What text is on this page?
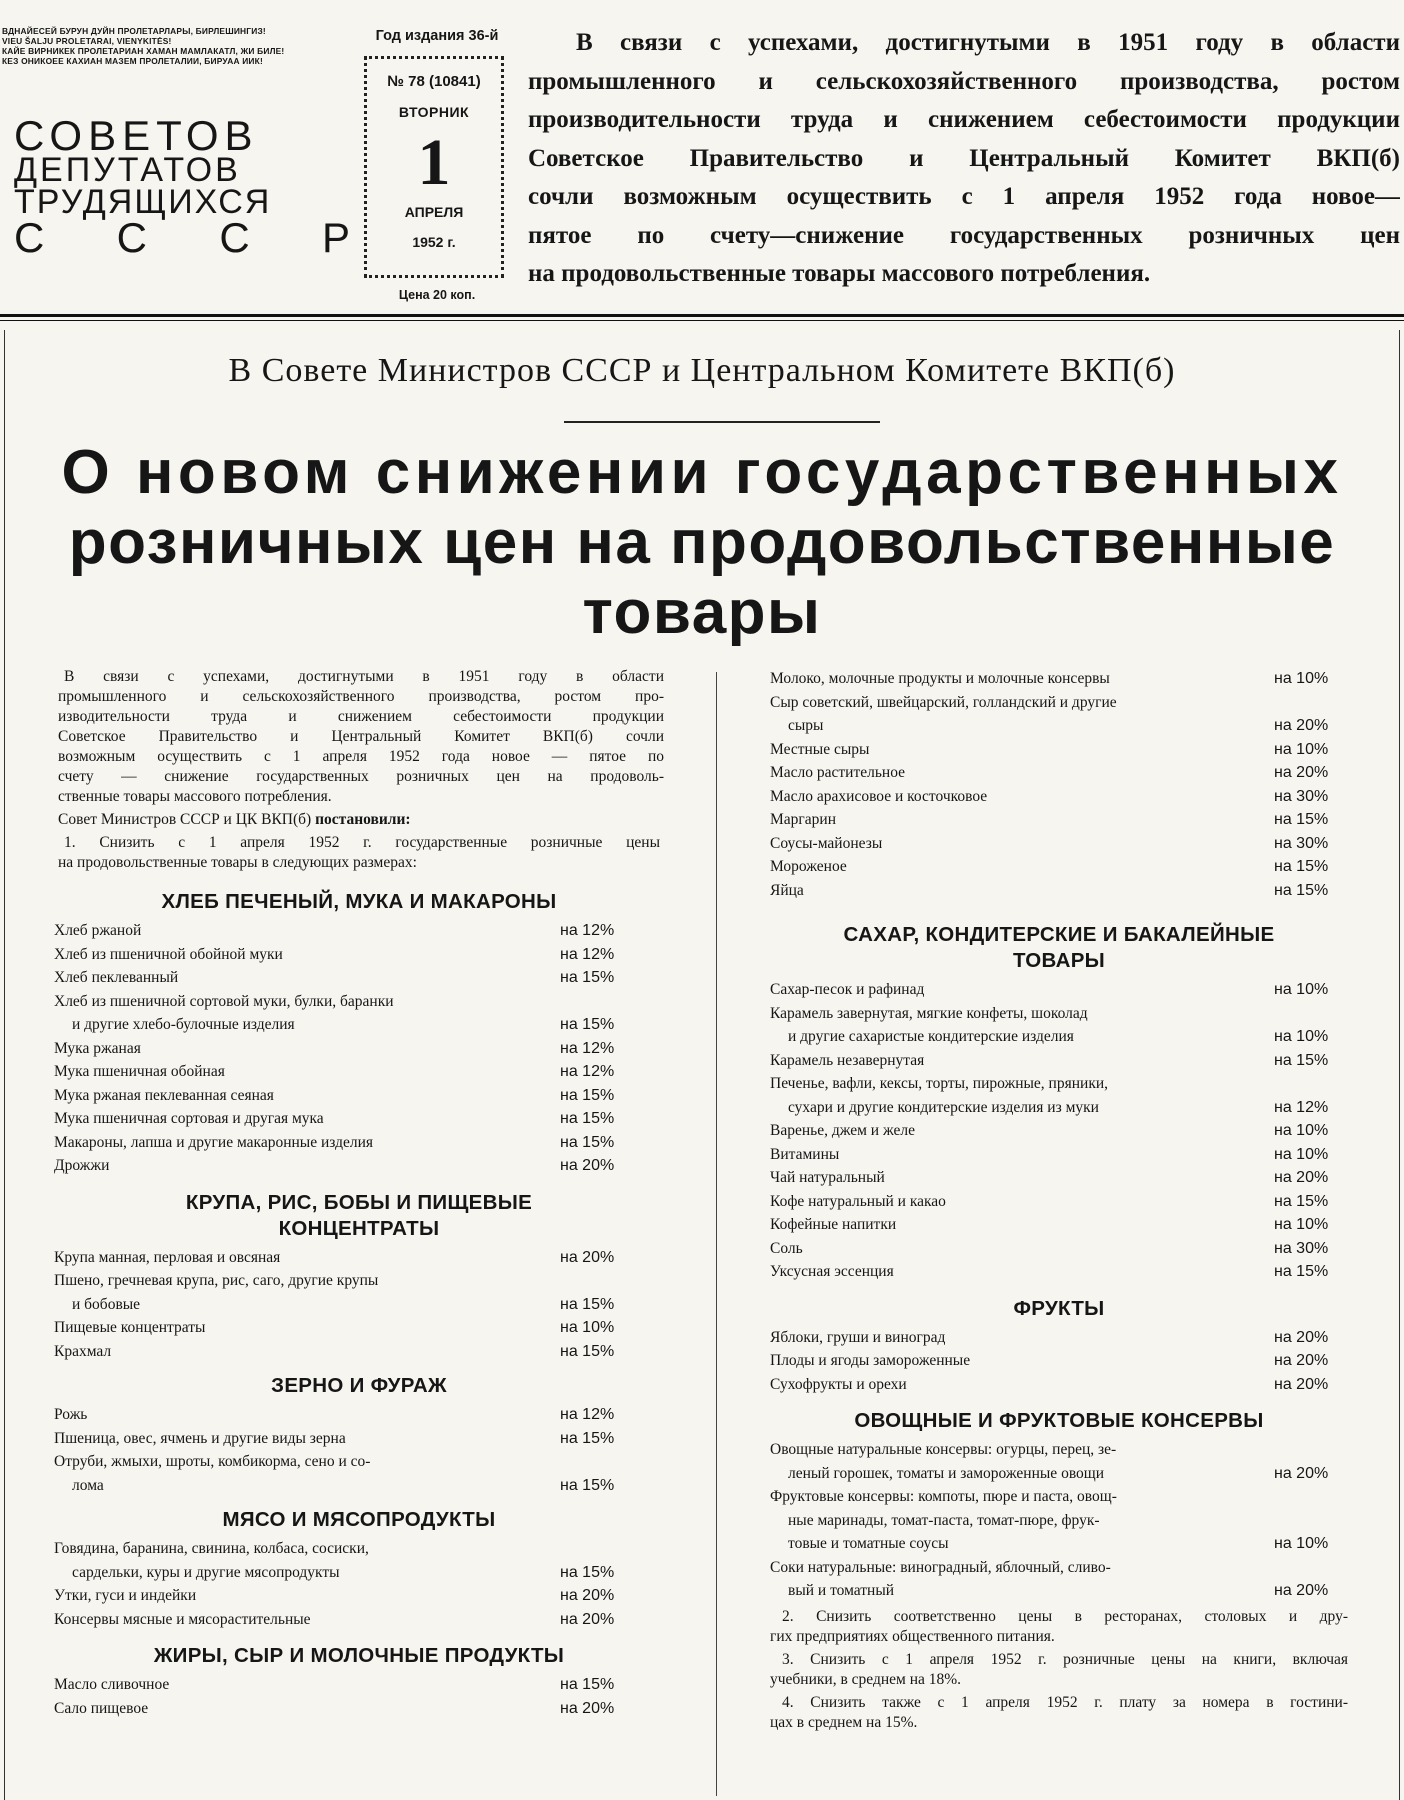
ВДНАЙЕСЕЙ БУРУН ДУЙН ПРОЛЕТАРЛАРЫ, БИРЛЕШИНГИЗ!
VIEU ŠALJU PROLETARAI, VIENYKITĖS!
КАЙЕ ВИРНИКЕК ПРОЛЕТАРИАН ХАМАН МАМЛАКАТЛ, ЖИ БИЛЕ!
КЕЗ ОНИКОЕЕ КАХИАН МАЗЕМ ПРОЛЕТАЛИИ, БИРУАА ИИК!
СОВЕТОВ
ДЕПУТАТОВ
ТРУДЯЩИХСЯ
С С С Р
Год издания 36-й
№ 78 (10841)
ВТОРНИК
1
АПРЕЛЯ
1952 г.
Цена 20 коп.
В связи с успехами, достигнутыми в 1951 году в области
промышленного и сельскохозяйственного производства, ростом
производительности труда и снижением себестоимости продукции
Советское Правительство и Центральный Комитет ВКП(б)
сочли возможным осуществить с 1 апреля 1952 года новое—
пятое по счету—снижение государственных розничных цен
на продовольственные товары массового потребления.
В Совете Министров СССР и Центральном Комитете ВКП(б)
О новом снижении государственных
розничных цен на продовольственные
товары
В связи с успехами, достигнутыми в 1951 году в области
промышленного и сельскохозяйственного производства, ростом про-
изводительности труда и снижением себестоимости продукции
Советское Правительство и Центральный Комитет ВКП(б) сочли
возможным осуществить с 1 апреля 1952 года новое — пятое по
счету — снижение государственных розничных цен на продоволь-
ственные товары массового потребления.
Совет Министров СССР и ЦК ВКП(б) постановили:
1. Снизить с 1 апреля 1952 г. государственные розничные цены
на продовольственные товары в следующих размерах:
ХЛЕБ ПЕЧЕНЫЙ, МУКА И МАКАРОНЫ
Хлеб ржаной	на 12%
Хлеб из пшеничной обойной муки	на 12%
Хлеб пеклеванный	на 15%
Хлеб из пшеничной сортовой муки, булки, баранки
и другие хлебо-булочные изделия	на 15%
Мука ржаная	на 12%
Мука пшеничная обойная	на 12%
Мука ржаная пеклеванная сеяная	на 15%
Мука пшеничная сортовая и другая мука	на 15%
Макароны, лапша и другие макаронные изделия	на 15%
Дрожжи	на 20%
КРУПА, РИС, БОБЫ И ПИЩЕВЫЕ
КОНЦЕНТРАТЫ
Крупа манная, перловая и овсяная	на 20%
Пшено, гречневая крупа, рис, саго, другие крупы
и бобовые	на 15%
Пищевые концентраты	на 10%
Крахмал	на 15%
ЗЕРНО И ФУРАЖ
Рожь	на 12%
Пшеница, овес, ячмень и другие виды зерна	на 15%
Отруби, жмыхи, шроты, комбикорма, сено и со-
лома	на 15%
МЯСО И МЯСОПРОДУКТЫ
Говядина, баранина, свинина, колбаса, сосиски,
сардельки, куры и другие мясопродукты	на 15%
Утки, гуси и индейки	на 20%
Консервы мясные и мясорастительные	на 20%
ЖИРЫ, СЫР И МОЛОЧНЫЕ ПРОДУКТЫ
Масло сливочное	на 15%
Сало пищевое	на 20%
Молоко, молочные продукты и молочные консервы	на 10%
Сыр советский, швейцарский, голландский и другие
сыры	на 20%
Местные сыры	на 10%
Масло растительное	на 20%
Масло арахисовое и косточковое	на 30%
Маргарин	на 15%
Соусы-майонезы	на 30%
Мороженое	на 15%
Яйца	на 15%
САХАР, КОНДИТЕРСКИЕ И БАКАЛЕЙНЫЕ
ТОВАРЫ
Сахар-песок и рафинад	на 10%
Карамель завернутая, мягкие конфеты, шоколад
и другие сахаристые кондитерские изделия	на 10%
Карамель незавернутая	на 15%
Печенье, вафли, кексы, торты, пирожные, пряники,
сухари и другие кондитерские изделия из муки	на 12%
Варенье, джем и желе	на 10%
Витамины	на 10%
Чай натуральный	на 20%
Кофе натуральный и какао	на 15%
Кофейные напитки	на 10%
Соль	на 30%
Уксусная эссенция	на 15%
ФРУКТЫ
Яблоки, груши и виноград	на 20%
Плоды и ягоды замороженные	на 20%
Сухофрукты и орехи	на 20%
ОВОЩНЫЕ И ФРУКТОВЫЕ КОНСЕРВЫ
Овощные натуральные консервы: огурцы, перец, зе-
леный горошек, томаты и замороженные овощи	на 20%
Фруктовые консервы: компоты, пюре и паста, овощ-
ные маринады, томат-паста, томат-пюре, фрук-
товые и томатные соусы	на 10%
Соки натуральные: виноградный, яблочный, сливо-
вый и томатный	на 20%
2. Снизить соответственно цены в ресторанах, столовых и дру-
гих предприятиях общественного питания.
3. Снизить с 1 апреля 1952 г. розничные цены на книги, включая
учебники, в среднем на 18%.
4. Снизить также с 1 апреля 1952 г. плату за номера в гостини-
цах в среднем на 15%.
